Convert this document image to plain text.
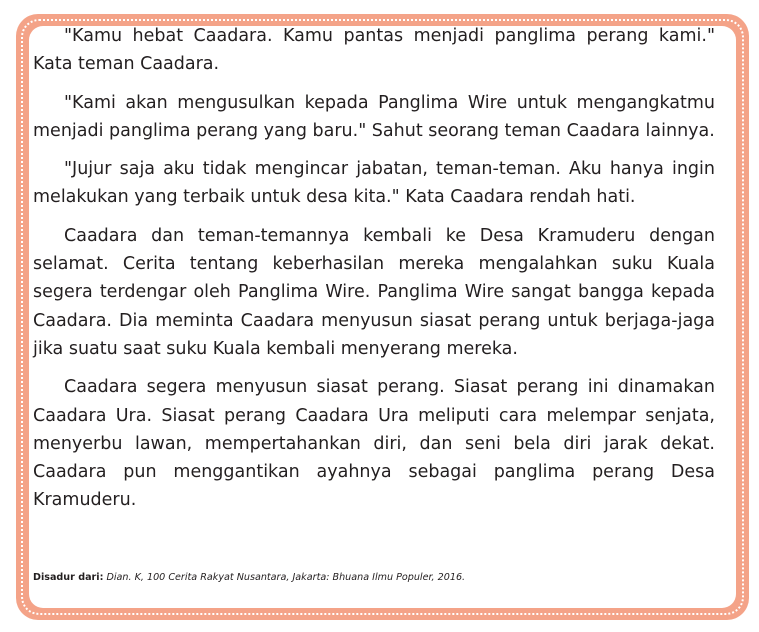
"Kamu hebat Caadara. Kamu pantas menjadi panglima perang kami." Kata teman Caadara.

"Kami akan mengusulkan kepada Panglima Wire untuk mengangkatmu menjadi panglima perang yang baru." Sahut seorang teman Caadara lainnya.

"Jujur saja aku tidak mengincar jabatan, teman-teman. Aku hanya ingin melakukan yang terbaik untuk desa kita." Kata Caadara rendah hati.

Caadara dan teman-temannya kembali ke Desa Kramuderu dengan selamat. Cerita tentang keberhasilan mereka mengalahkan suku Kuala segera terdengar oleh Panglima Wire. Panglima Wire sangat bangga kepada Caadara. Dia meminta Caadara menyusun siasat perang untuk berjaga-jaga jika suatu saat suku Kuala kembali menyerang mereka.

Caadara segera menyusun siasat perang. Siasat perang ini dinamakan Caadara Ura. Siasat perang Caadara Ura meliputi cara melempar senjata, menyerbu lawan, mempertahankan diri, dan seni bela diri jarak dekat. Caadara pun menggantikan ayahnya sebagai panglima perang Desa Kramuderu.

Disadur dari: Dian. K, 100 Cerita Rakyat Nusantara, Jakarta: Bhuana Ilmu Populer, 2016.
